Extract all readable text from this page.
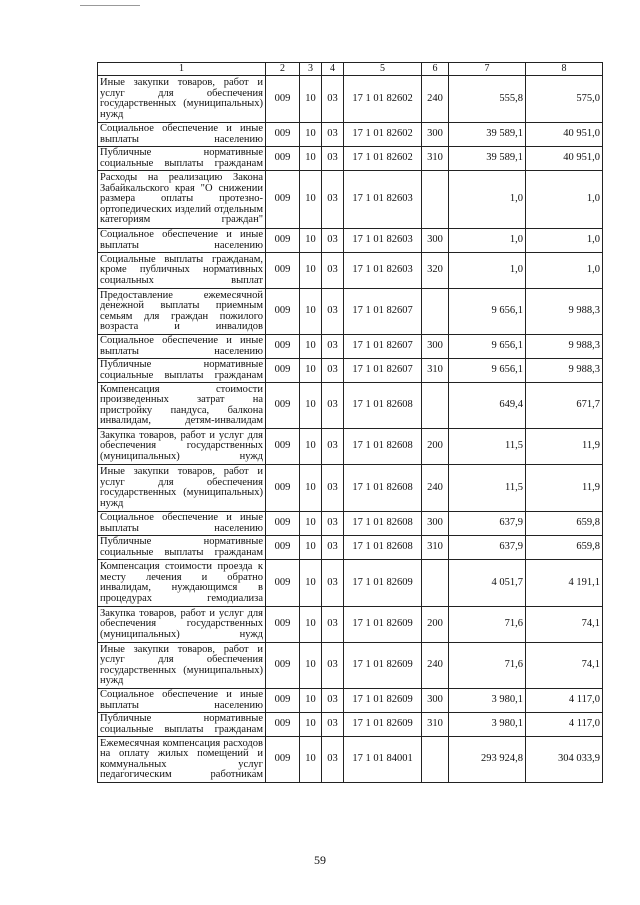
1	2	3	4	5	6	7	8
Иные закупки товаров, работ и услуг для обеспечения государственных (муниципальных) нужд	009	10	03	17 1 01 82602	240	555,8	575,0
Социальное обеспечение и иные выплаты населению	009	10	03	17 1 01 82602	300	39 589,1	40 951,0
Публичные нормативные социальные выплаты гражданам	009	10	03	17 1 01 82602	310	39 589,1	40 951,0
Расходы на реализацию Закона Забайкальского края "О снижении размера оплаты протезно-ортопедических изделий отдельным категориям граждан"	009	10	03	17 1 01 82603		1,0	1,0
Социальное обеспечение и иные выплаты населению	009	10	03	17 1 01 82603	300	1,0	1,0
Социальные выплаты гражданам, кроме публичных нормативных социальных выплат	009	10	03	17 1 01 82603	320	1,0	1,0
Предоставление ежемесячной денежной выплаты приемным семьям для граждан пожилого возраста и инвалидов	009	10	03	17 1 01 82607		9 656,1	9 988,3
Социальное обеспечение и иные выплаты населению	009	10	03	17 1 01 82607	300	9 656,1	9 988,3
Публичные нормативные социальные выплаты гражданам	009	10	03	17 1 01 82607	310	9 656,1	9 988,3
Компенсация стоимости произведенных затрат на пристройку пандуса, балкона инвалидам, детям-инвалидам	009	10	03	17 1 01 82608		649,4	671,7
Закупка товаров, работ и услуг для обеспечения государственных (муниципальных) нужд	009	10	03	17 1 01 82608	200	11,5	11,9
Иные закупки товаров, работ и услуг для обеспечения государственных (муниципальных) нужд	009	10	03	17 1 01 82608	240	11,5	11,9
Социальное обеспечение и иные выплаты населению	009	10	03	17 1 01 82608	300	637,9	659,8
Публичные нормативные социальные выплаты гражданам	009	10	03	17 1 01 82608	310	637,9	659,8
Компенсация стоимости проезда к месту лечения и обратно инвалидам, нуждающимся в процедурах гемодиализа	009	10	03	17 1 01 82609		4 051,7	4 191,1
Закупка товаров, работ и услуг для обеспечения государственных (муниципальных) нужд	009	10	03	17 1 01 82609	200	71,6	74,1
Иные закупки товаров, работ и услуг для обеспечения государственных (муниципальных) нужд	009	10	03	17 1 01 82609	240	71,6	74,1
Социальное обеспечение и иные выплаты населению	009	10	03	17 1 01 82609	300	3 980,1	4 117,0
Публичные нормативные социальные выплаты гражданам	009	10	03	17 1 01 82609	310	3 980,1	4 117,0
Ежемесячная компенсация расходов на оплату жилых помещений и коммунальных услуг педагогическим работникам	009	10	03	17 1 01 84001		293 924,8	304 033,9
59
